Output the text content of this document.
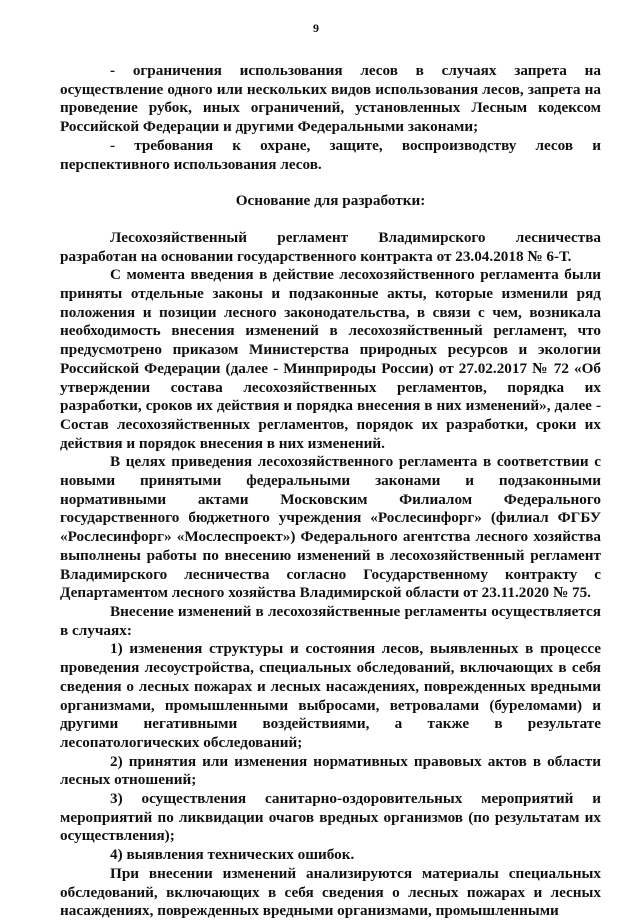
9

- ограничения использования лесов в случаях запрета на осуществление одного или нескольких видов использования лесов, запрета на проведение рубок, иных ограничений, установленных Лесным кодексом Российской Федерации и другими Федеральными законами;

- требования к охране, защите, воспроизводству лесов и перспективного использования лесов.

Основание для разработки:

Лесохозяйственный регламент Владимирского лесничества разработан на основании государственного контракта от 23.04.2018 № 6-Т.

С момента введения в действие лесохозяйственного регламента были приняты отдельные законы и подзаконные акты, которые изменили ряд положения и позиции лесного законодательства, в связи с чем, возникала необходимость внесения изменений в лесохозяйственный регламент, что предусмотрено приказом Министерства природных ресурсов и экологии Российской Федерации (далее - Минприроды России) от 27.02.2017 № 72 «Об утверждении состава лесохозяйственных регламентов, порядка их разработки, сроков их действия и порядка внесения в них изменений», далее - Состав лесохозяйственных регламентов, порядок их разработки, сроки их действия и порядок внесения в них изменений.

В целях приведения лесохозяйственного регламента в соответствии с новыми принятыми федеральными законами и подзаконными нормативными актами Московским Филиалом Федерального государственного бюджетного учреждения «Рослесинфорг» (филиал ФГБУ «Рослесинфорг» «Мослеспроект») Федерального агентства лесного хозяйства выполнены работы по внесению изменений в лесохозяйственный регламент Владимирского лесничества согласно Государственному контракту с Департаментом лесного хозяйства Владимирской области от 23.11.2020 № 75.

Внесение изменений в лесохозяйственные регламенты осуществляется в случаях:

1) изменения структуры и состояния лесов, выявленных в процессе проведения лесоустройства, специальных обследований, включающих в себя сведения о лесных пожарах и лесных насаждениях, поврежденных вредными организмами, промышленными выбросами, ветровалами (буреломами) и другими негативными воздействиями, а также в результате лесопатологических обследований;

2) принятия или изменения нормативных правовых актов в области лесных отношений;

3) осуществления санитарно-оздоровительных мероприятий и мероприятий по ликвидации очагов вредных организмов (по результатам их осуществления);

4) выявления технических ошибок.

При внесении изменений анализируются материалы специальных обследований, включающих в себя сведения о лесных пожарах и лесных насаждениях, поврежденных вредными организмами, промышленными
